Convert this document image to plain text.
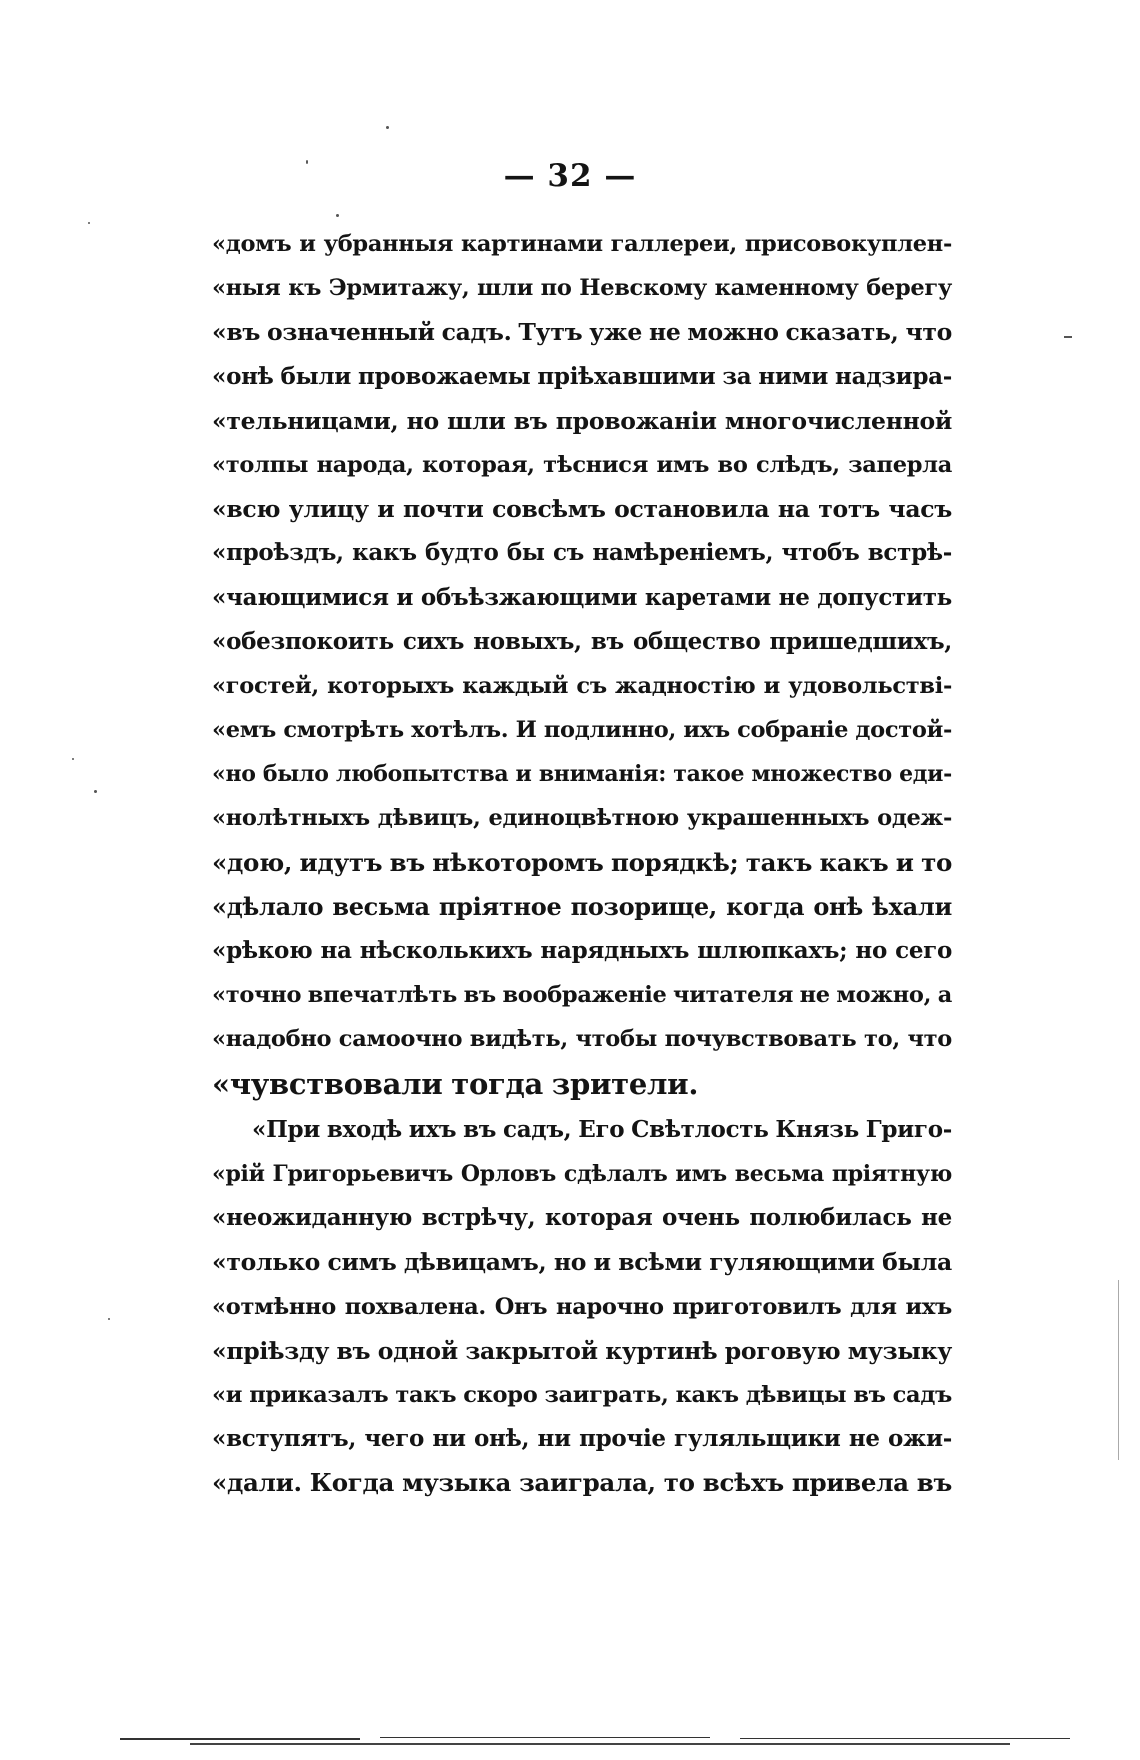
— 32 —
«домъ и убранныя картинами галлереи, присовокуплен-
«ныя къ Эрмитажу, шли по Невскому каменному берегу
«въ означенный садъ. Тутъ уже не можно сказать, что
«онѣ были провожаемы пріѣхавшими за ними надзира-
«тельницами, но шли въ провожаніи многочисленной
«толпы народа, которая, тѣснися имъ во слѣдъ, заперла
«всю улицу и почти совсѣмъ остановила на тотъ часъ
«проѣздъ, какъ будто бы съ намѣреніемъ, чтобъ встрѣ-
«чающимися и объѣзжающими каретами не допустить
«обезпокоить сихъ новыхъ, въ общество пришедшихъ,
«гостей, которыхъ каждый съ жадностію и удовольстві-
«емъ смотрѣть хотѣлъ. И подлинно, ихъ собраніе достой-
«но было любопытства и вниманія: такое множество еди-
«нолѣтныхъ дѣвицъ, единоцвѣтною украшенныхъ одеж-
«дою, идутъ въ нѣкоторомъ порядкѣ; такъ какъ и то
«дѣлало весьма пріятное позорище, когда онѣ ѣхали
«рѣкою на нѣсколькихъ нарядныхъ шлюпкахъ; но сего
«точно впечатлѣть въ воображеніе читателя не можно, а
«надобно самоочно видѣть, чтобы почувствовать то, что
«чувствовали тогда зрители.
«При входѣ ихъ въ садъ, Его Свѣтлость Князь Григо-
«рій Григорьевичъ Орловъ сдѣлалъ имъ весьма пріятную
«неожиданную встрѣчу, которая очень полюбилась не
«только симъ дѣвицамъ, но и всѣми гуляющими была
«отмѣнно похвалена. Онъ нарочно приготовилъ для ихъ
«пріѣзду въ одной закрытой куртинѣ роговую музыку
«и приказалъ такъ скоро заиграть, какъ дѣвицы въ садъ
«вступятъ, чего ни онѣ, ни прочіе гуляльщики не ожи-
«дали. Когда музыка заиграла, то всѣхъ привела въ
